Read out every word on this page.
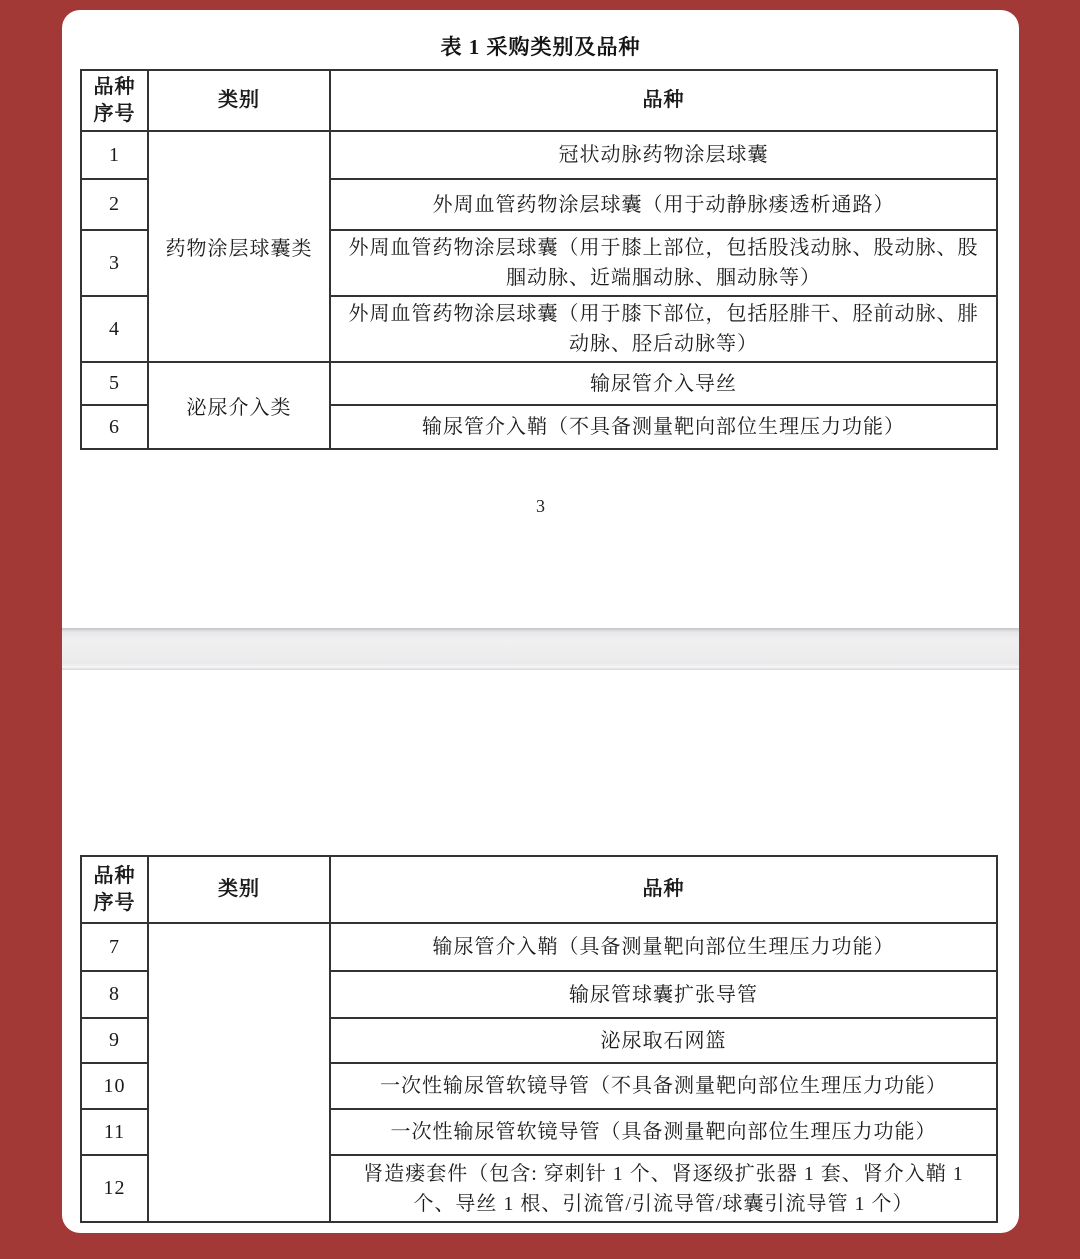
表 1 采购类别及品种
品种序号	类别	品种
1	药物涂层球囊类	冠状动脉药物涂层球囊
2		外周血管药物涂层球囊（用于动静脉瘘透析通路）
3		外周血管药物涂层球囊（用于膝上部位，包括股浅动脉、股动脉、股腘动脉、近端腘动脉、腘动脉等）
4		外周血管药物涂层球囊（用于膝下部位，包括胫腓干、胫前动脉、腓动脉、胫后动脉等）
5	泌尿介入类	输尿管介入导丝
6		输尿管介入鞘（不具备测量靶向部位生理压力功能）
3
品种序号	类别	品种
7		输尿管介入鞘（具备测量靶向部位生理压力功能）
8		输尿管球囊扩张导管
9		泌尿取石网篮
10		一次性输尿管软镜导管（不具备测量靶向部位生理压力功能）
11		一次性输尿管软镜导管（具备测量靶向部位生理压力功能）
12		肾造瘘套件（包含: 穿刺针 1 个、肾逐级扩张器 1 套、肾介入鞘 1 个、导丝 1 根、引流管/引流导管/球囊引流导管 1 个）
